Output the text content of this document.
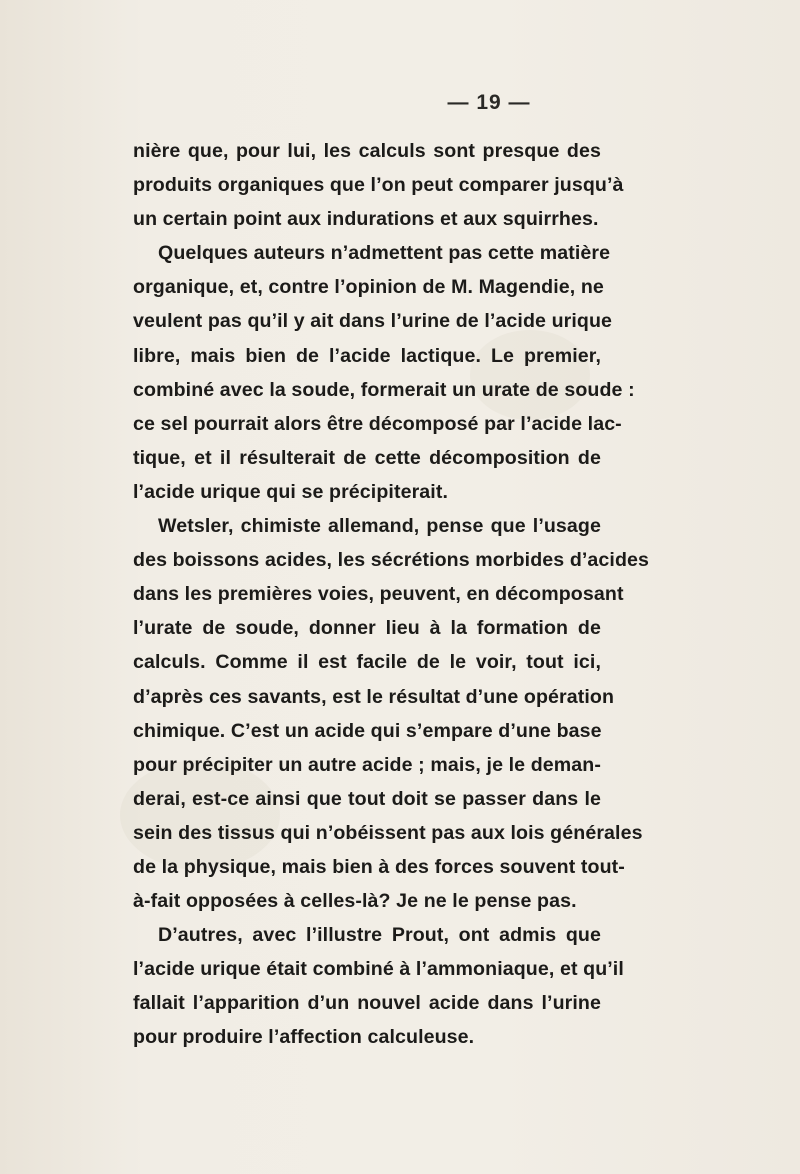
— 19 —
nière que, pour lui, les calculs sont presque des
produits organiques que l’on peut comparer jusqu’à
un certain point aux indurations et aux squirrhes.
Quelques auteurs n’admettent pas cette matière
organique, et, contre l’opinion de M. Magendie, ne
veulent pas qu’il y ait dans l’urine de l’acide urique
libre, mais bien de l’acide lactique. Le premier,
combiné avec la soude, formerait un urate de soude :
ce sel pourrait alors être décomposé par l’acide lac-
tique, et il résulterait de cette décomposition de
l’acide urique qui se précipiterait.
Wetsler, chimiste allemand, pense que l’usage
des boissons acides, les sécrétions morbides d’acides
dans les premières voies, peuvent, en décomposant
l’urate de soude, donner lieu à la formation de
calculs. Comme il est facile de le voir, tout ici,
d’après ces savants, est le résultat d’une opération
chimique. C’est un acide qui s’empare d’une base
pour précipiter un autre acide ; mais, je le deman-
derai, est-ce ainsi que tout doit se passer dans le
sein des tissus qui n’obéissent pas aux lois générales
de la physique, mais bien à des forces souvent tout-
à-fait opposées à celles-là? Je ne le pense pas.
D’autres, avec l’illustre Prout, ont admis que
l’acide urique était combiné à l’ammoniaque, et qu’il
fallait l’apparition d’un nouvel acide dans l’urine
pour produire l’affection calculeuse.
